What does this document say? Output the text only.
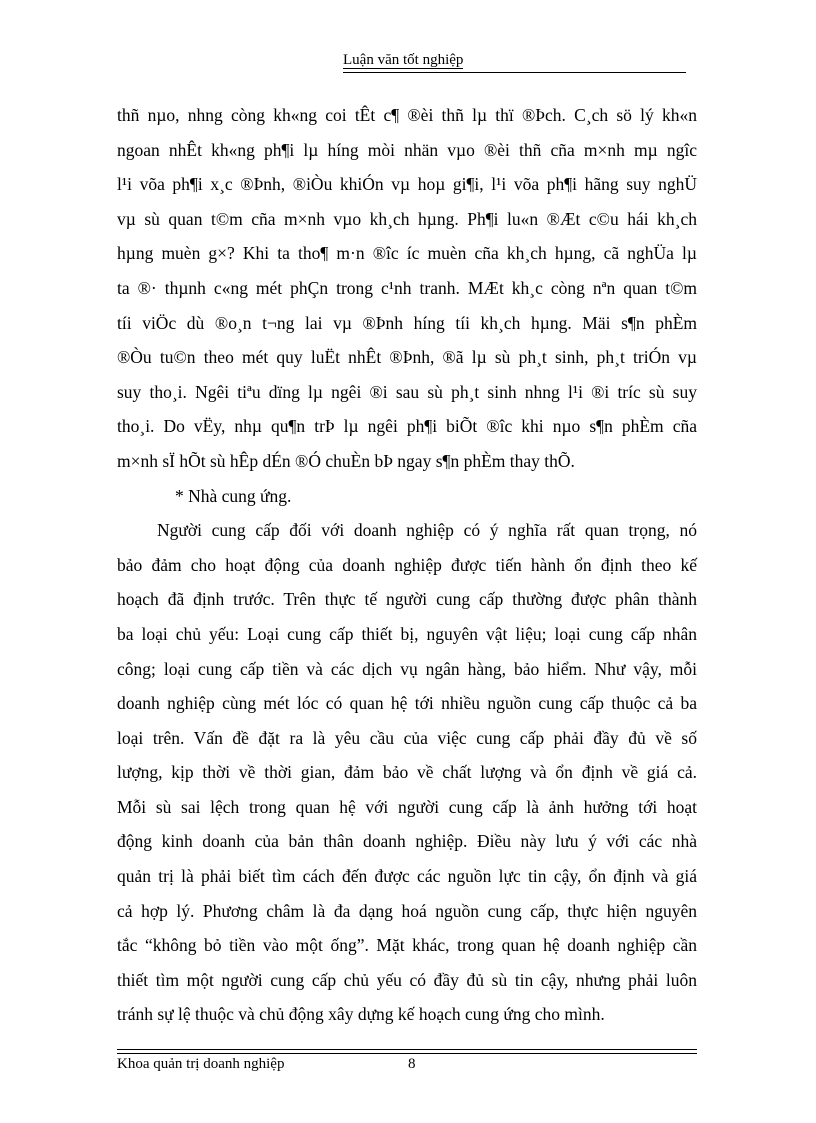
Luận văn tốt nghiệp
thñ nµo, nhng còng kh«ng coi tÊt c¶ ®èi thñ lµ thï ®Þch. C¸ch sö lý kh«n
ngoan nhÊt kh«ng ph¶i lµ híng mòi nhän vµo ®èi thñ cña m×nh mµ ngîc
l¹i võa ph¶i x¸c ®Þnh, ®iÒu khiÓn vµ hoµ gi¶i, l¹i võa ph¶i hãng suy nghÜ
vµ sù quan t©m cña m×nh vµo kh¸ch hµng. Ph¶i lu«n ®Æt c©u hái kh¸ch
hµng muèn g×? Khi ta tho¶ m·n ®îc íc muèn cña kh¸ch hµng, cã nghÜa lµ
ta ®· thµnh c«ng mét phÇn trong c¹nh tranh. MÆt kh¸c còng nªn quan t©m
tíi viÖc dù ®o¸n t¬ng lai vµ ®Þnh híng tíi kh¸ch hµng. Mäi s¶n phÈm
®Òu tu©n theo mét quy luËt nhÊt ®Þnh, ®ã lµ sù ph¸t sinh, ph¸t triÓn vµ
suy tho¸i. Ngêi tiªu dïng lµ ngêi ®i sau sù ph¸t sinh nhng l¹i ®i tríc sù suy
tho¸i. Do vËy, nhµ qu¶n trÞ lµ ngêi ph¶i biÕt ®îc khi nµo s¶n phÈm cña
m×nh sÏ hÕt sù hÊp dÉn ®Ó chuÈn bÞ ngay s¶n phÈm thay thÕ.
* Nhà cung ứng.
Người cung cấp đối với doanh nghiệp có ý nghĩa rất quan trọng, nó
bảo đảm cho hoạt động của doanh nghiệp được tiến hành ổn định theo kế
hoạch đã định trước. Trên thực tế người cung cấp thường được phân thành
ba loại chủ yếu: Loại cung cấp thiết bị, nguyên vật liệu; loại cung cấp nhân
công; loại cung cấp tiền và các dịch vụ ngân hàng, bảo hiểm. Như vậy, mỗi
doanh nghiệp cùng mét lóc có quan hệ tới nhiều nguồn cung cấp thuộc cả ba
loại trên. Vấn đề đặt ra là yêu cầu của việc cung cấp phải đầy đủ về số
lượng, kịp thời về thời gian, đảm bảo về chất lượng và ổn định về giá cả.
Mỗi sù sai lệch trong quan hệ với người cung cấp là ảnh hưởng tới hoạt
động kinh doanh của bản thân doanh nghiệp. Điều này lưu ý với các nhà
quản trị là phải biết tìm cách đến được các nguồn lực tin cậy, ổn định và giá
cả hợp lý. Phương châm là đa dạng hoá nguồn cung cấp, thực hiện nguyên
tắc “không bỏ tiền vào một ống”. Mặt khác, trong quan hệ doanh nghiệp cần
thiết tìm một người cung cấp chủ yếu có đầy đủ sù tin cậy, nhưng phải luôn
tránh sự lệ thuộc và chủ động xây dựng kế hoạch cung ứng cho mình.
Khoa quản trị doanh nghiệp	8
